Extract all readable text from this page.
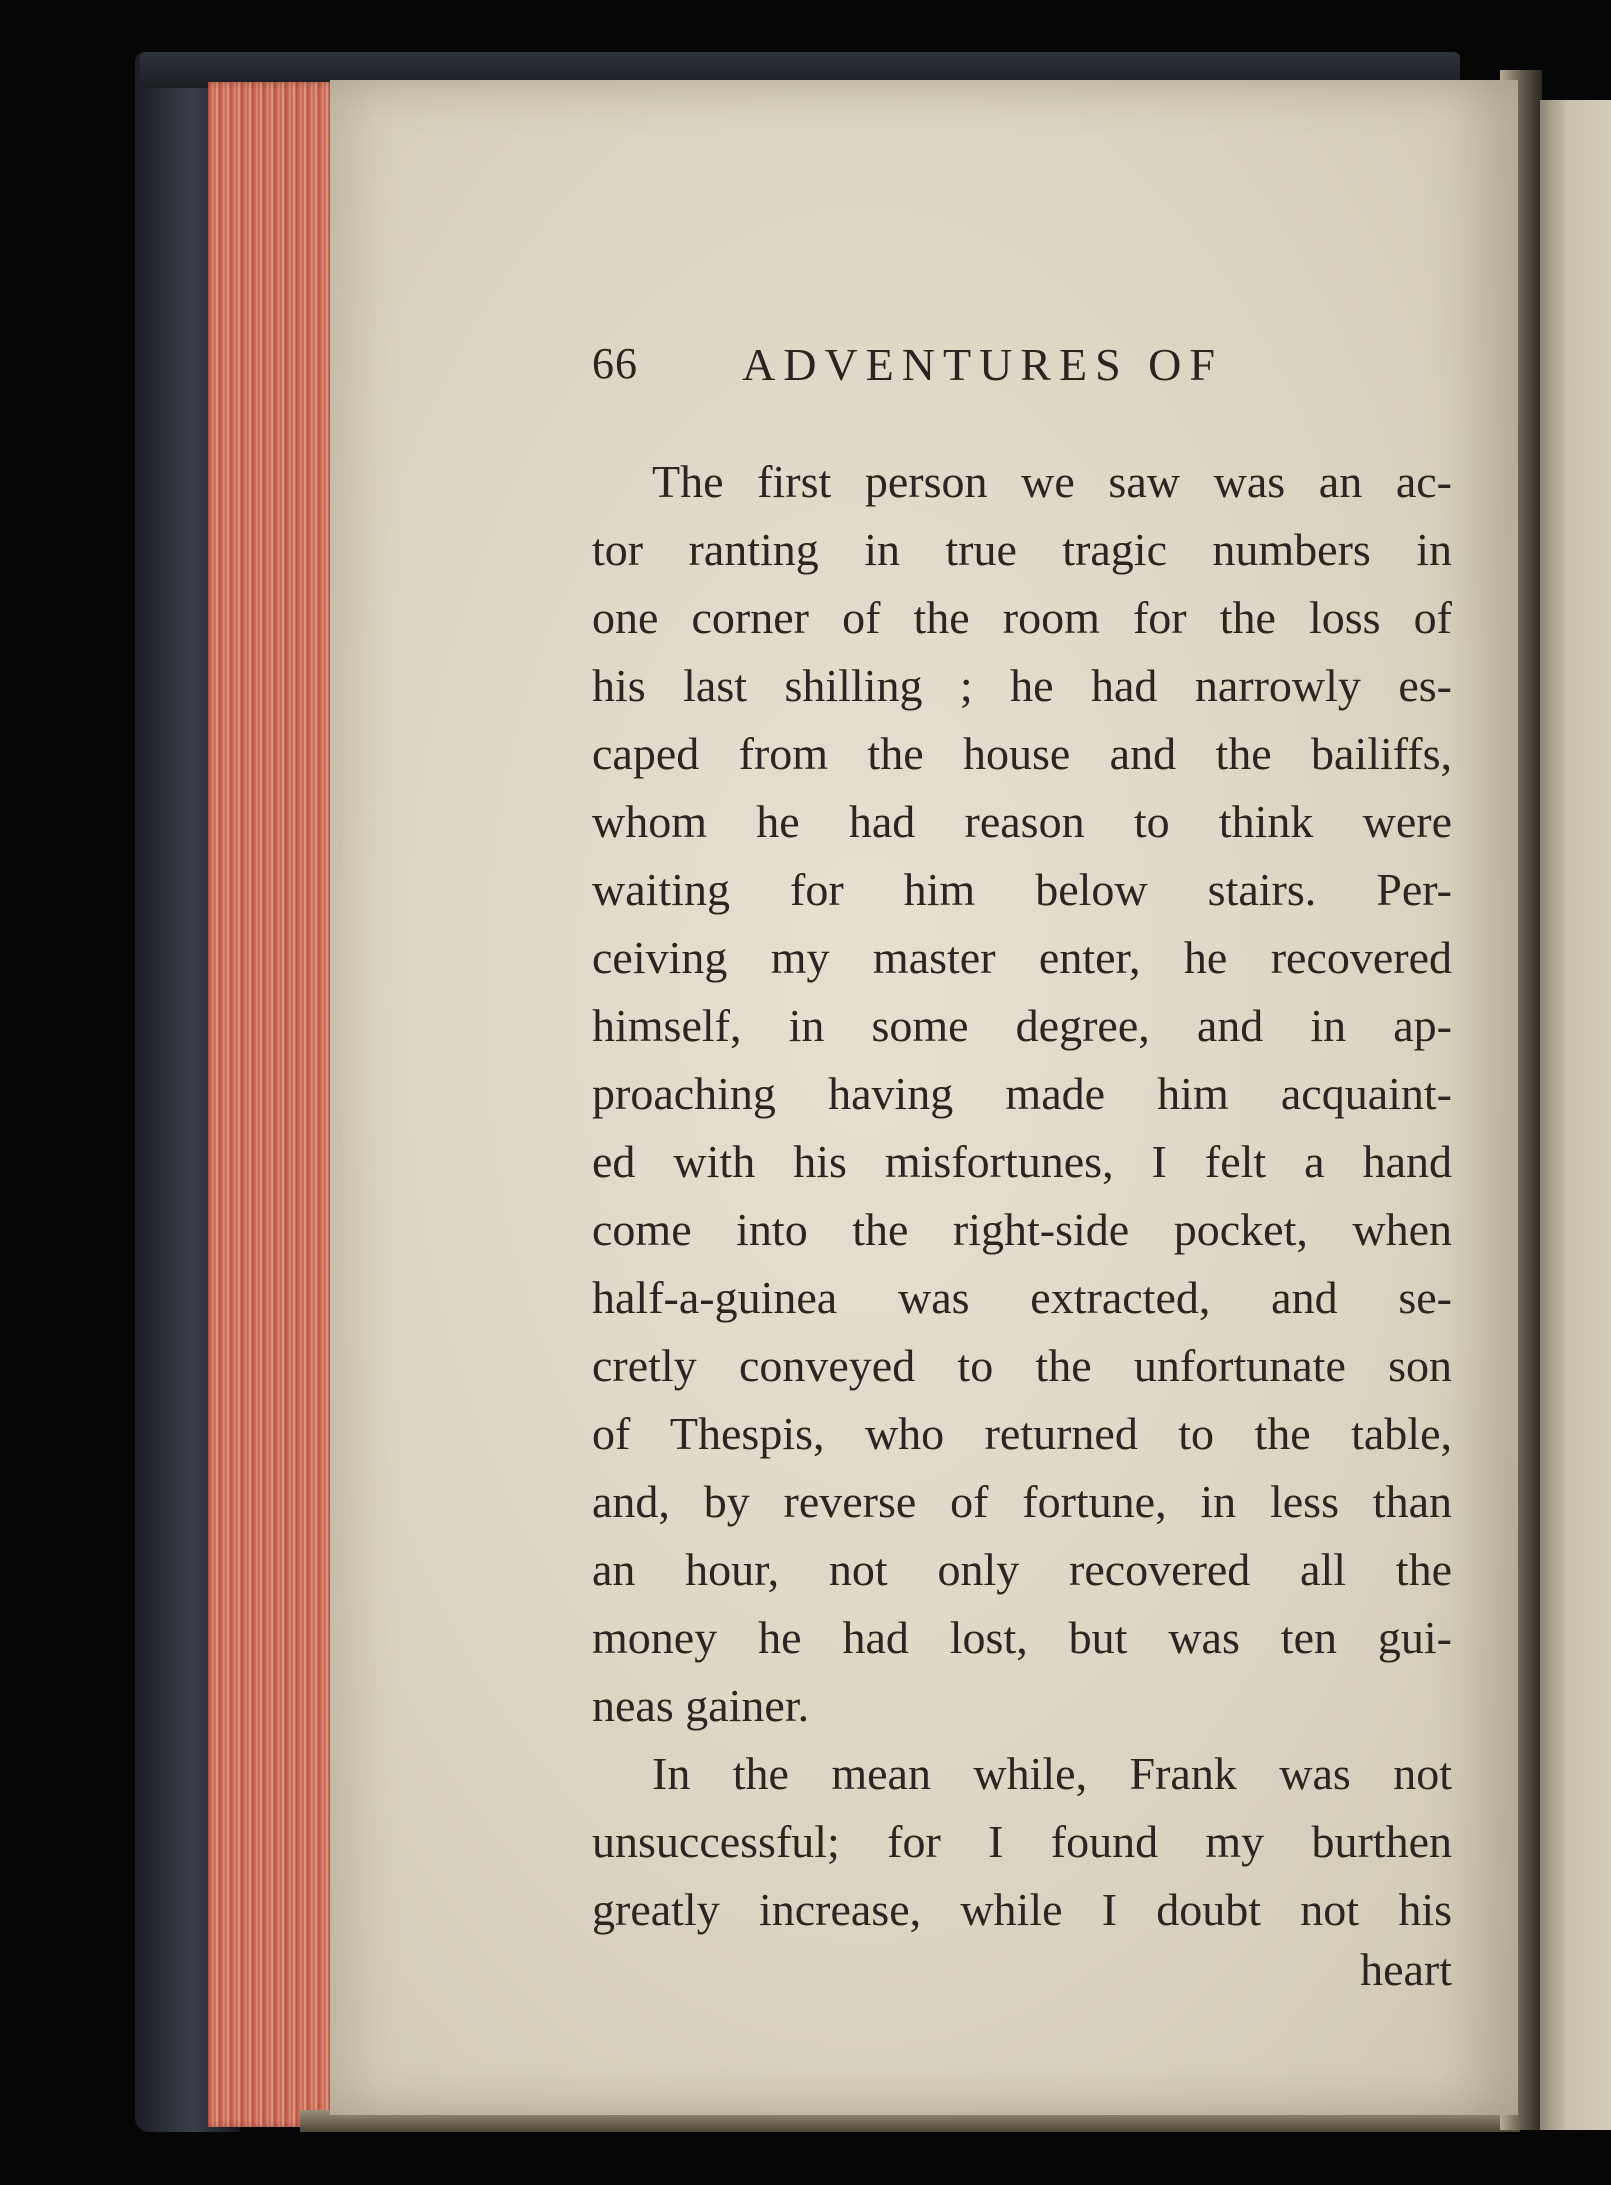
66 ADVENTURES OF
The first person we saw was an ac-
tor ranting in true tragic numbers in
one corner of the room for the loss of
his last shilling ; he had narrowly es-
caped from the house and the bailiffs,
whom he had reason to think were
waiting for him below stairs. Per-
ceiving my master enter, he recovered
himself, in some degree, and in ap-
proaching having made him acquaint-
ed with his misfortunes, I felt a hand
come into the right-side pocket, when
half-a-guinea was extracted, and se-
cretly conveyed to the unfortunate son
of Thespis, who returned to the table,
and, by reverse of fortune, in less than
an hour, not only recovered all the
money he had lost, but was ten gui-
neas gainer.
In the mean while, Frank was not
unsuccessful; for I found my burthen
greatly increase, while I doubt not his
heart
